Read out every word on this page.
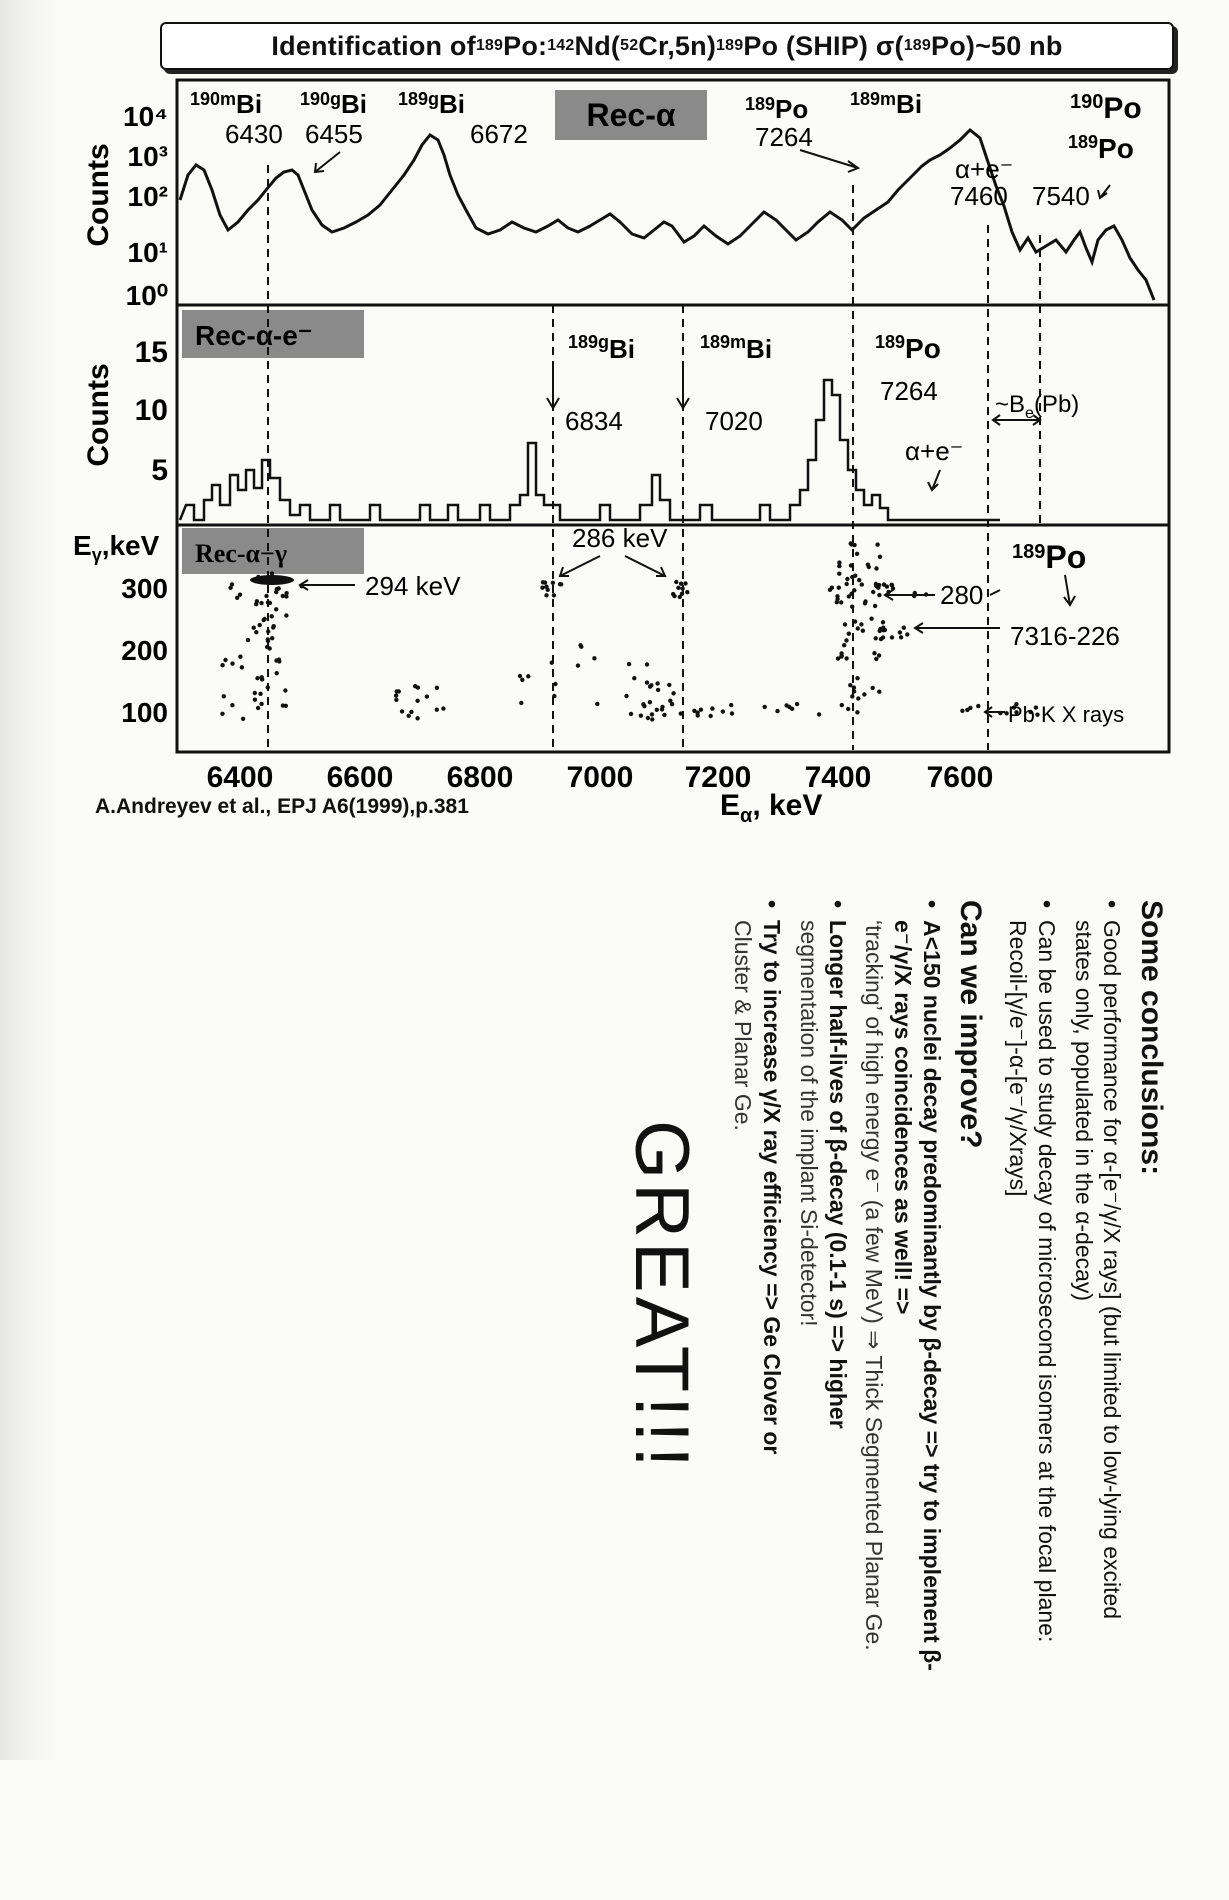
Identification of 189 Po: 142 Nd( 52 Cr,5n) 189 Po (SHIP) σ( 189 Po)~50 nb
Rec-α
Rec-α-e⁻
Rec-α−γ
Counts
Counts
$E_\gamma,keV$
10⁴
10³
10²
10¹
10⁰
15
10
5
300
200
100
6400 6600 6800 7000 7200 7400 7600
$E_\alpha$, keV
$^{190m}$Bi
6430
$^{190g}$Bi
6455
$^{189g}$Bi
6672
$^{189}$Po
7264
$^{189m}$Bi	$^{190}$Po
$^{189}$Po
7540
α+e⁻
7460
$^{189g}$Bi
6834
$^{189m}$Bi
7020
$^{189}$Po
7264
α+e⁻
$\sim B_e(Pb)$
294 keV
286 keV
280
$^{189}$Po
7316-226
Pb K X rays
A.Andreyev et al., EPJ A6(1999),p.381
Some conclusions:
• Good performance for α-[e⁻/γ/X rays] (but limited to low-lying excited states only, populated in the α-decay)
• Can be used to study decay of microsecond isomers at the focal plane: Recoil-[γ/e⁻]-α-[e⁻/γ/Xrays]
Can we improve?
• A<150 nuclei decay predominantly by β-decay => try to implement β-e⁻/γ/X rays coincidences as well! =>
‘tracking’ of high energy e⁻ (a few MeV) ⇒ Thick Segmented Planar Ge.
• Longer half-lives of β-decay (0.1-1 s) => higher
segmentation of the implant Si-detector!
• Try to increase γ/X ray efficiency => Ge Clover or
Cluster & Planar Ge.
GREAT!!!
